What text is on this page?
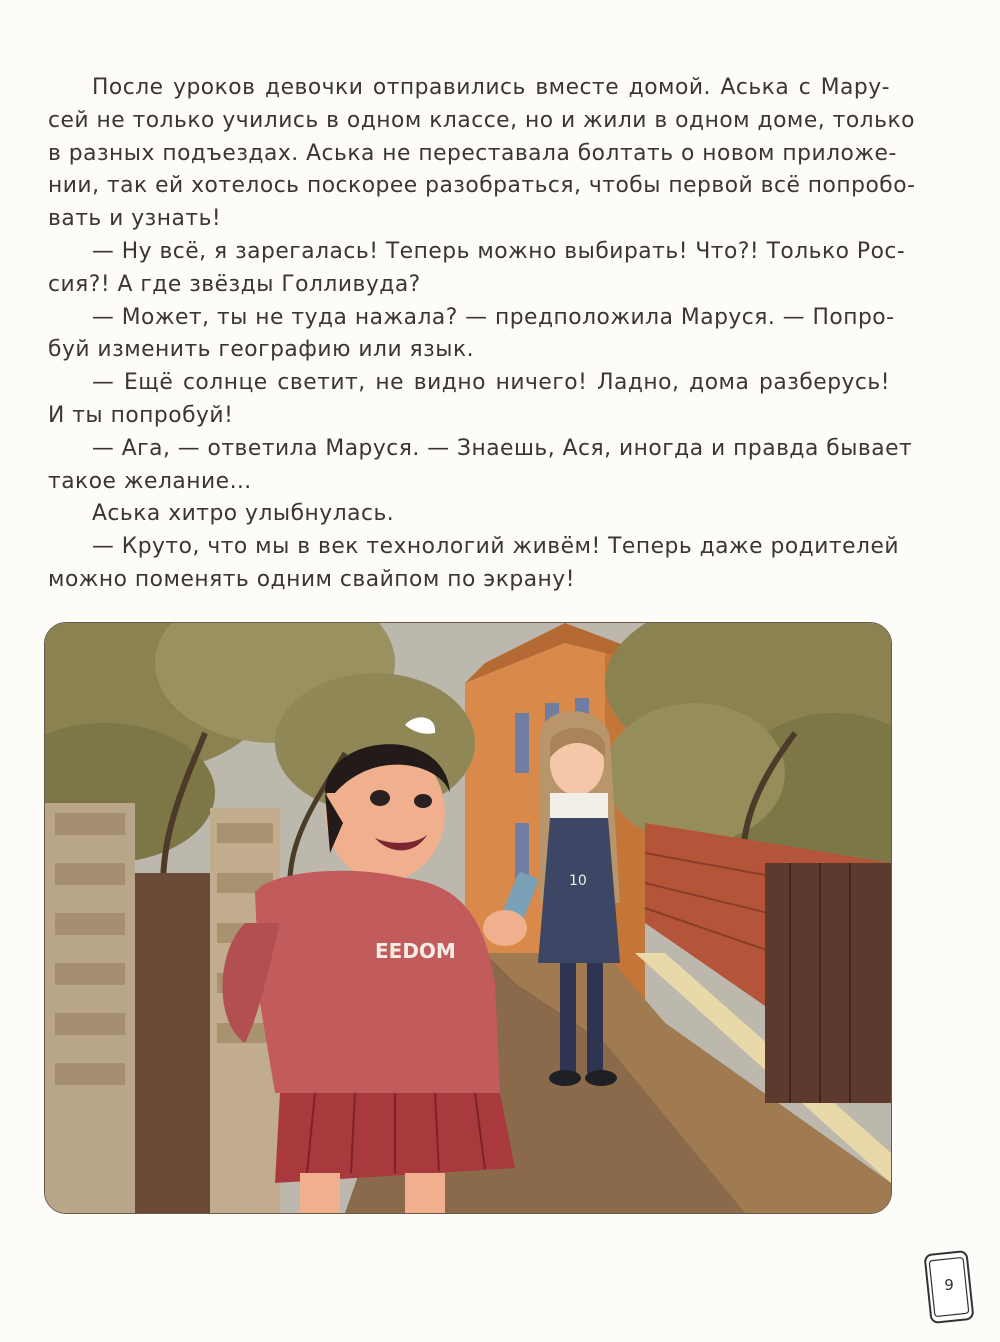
После уроков девочки отправились вместе домой. Аська с Мару-
сей не только учились в одном классе, но и жили в одном доме, только
в разных подъездах. Аська не переставала болтать о новом приложе-
нии, так ей хотелось поскорее разобраться, чтобы первой всё попробо-
вать и узнать!
— Ну всё, я зарегалась! Теперь можно выбирать! Что?! Только Рос-
сия?! А где звёзды Голливуда?
— Может, ты не туда нажала? — предположила Маруся. — Попро-
буй изменить географию или язык.
— Ещё солнце светит, не видно ничего! Ладно, дома разберусь!
И ты попробуй!
— Ага, — ответила Маруся. — Знаешь, Ася, иногда и правда бывает
такое желание…
Аська хитро улыбнулась.
— Круто, что мы в век технологий живём! Теперь даже родителей
можно поменять одним свайпом по экрану!
10
EEDOM
9
